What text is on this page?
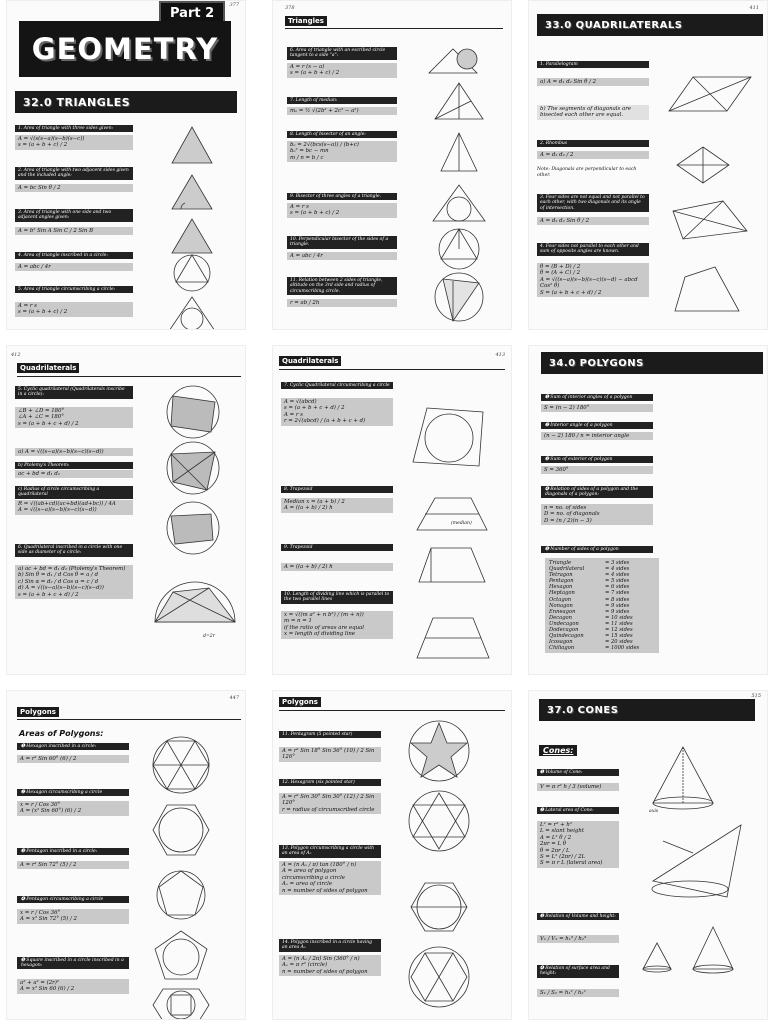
377
Part 2
GEOMETRY
32.0 TRIANGLES
1. Area of triangle with three sides given:
A = √(s(s−a)(s−b)(s−c))
s = (a + b + c) / 2
2. Area of triangle with two adjacent sides given and the included angle:
A = bc Sin θ / 2
3. Area of triangle with one side and two adjacent angles given:
A = b² Sin A Sin C / 2 Sin B
4. Area of triangle inscribed in a circle:
A = abc / 4r
5. Area of triangle circumscribing a circle:
A = r s
s = (a + b + c) / 2
378
Triangles
6. Area of triangle with an escribed circle tangent to a side "a":
A = r (s − a)
s = (a + b + c) / 2
7. Length of median:
mₐ = ½ √(2b² + 2c² − a²)
8. Length of bisector of an angle:
bₐ = 2√(bcs(s−a)) / (b+c)
bₐ² = bc − mn
m / n = b / c
9. Bisector of three angles of a triangle.
A = r s
s = (a + b + c) / 2
10. Perpendicular bisector of the sides of a triangle.
A = abc / 4r
11. Relation between 2 sides of triangle, altitude on the 3rd side and radius of circumscribing circle.
r = ab / 2h
411
33.0 QUADRILATERALS
1. Parallelogram
a) A = d₁ d₂ Sin θ / 2
b) The segments of diagonals are bisected each other are equal.
2. Rhombus
A = d₁ d₂ / 2
Note: Diagonals are perpendicular to each other.
3. Four sides are not equal and not parallel to each other, with two diagonals and its angle of intersection.
A = d₁ d₂ Sin θ / 2
4. Four sides not parallel to each other and sum of opposite angles are known.
θ = (B + D) / 2
θ = (A + C) / 2
A = √((s−a)(s−b)(s−c)(s−d) − abcd Cos² θ)
S = (a + b + c + d) / 2
412
Quadrilaterals
5. Cyclic quadrilateral (Quadrilaterals inscribe in a circle):
∠B + ∠D = 180°
∠A + ∠C = 180°
s = (a + b + c + d) / 2
a) A = √((s−a)(s−b)(s−c)(s−d))
b) Ptolemy's Theorem:
ac + bd = d₁ d₂
c) Radius of circle circumscribing a quadrilateral
R = √((ab+cd)(ac+bd)(ad+bc)) / 4A
A = √((s−a)(s−b)(s−c)(s−d))
6. Quadrilateral inscribed in a circle with one side as diameter of a circle:
a) ac + bd = d₁ d₂ (Ptolemy's Theorem)
b) Sin θ = d₁ / d Cos θ = a / d
c) Sin α = d₂ / d Cos α = c / d
d) A = √((s−a)(s−b)(s−c)(s−d))
s = (a + b + c + d) / 2
d=2r
413
Quadrilaterals
7. Cyclic Quadrilateral circumscribing a circle
A = √(abcd)
s = (a + b + c + d) / 2
A = r s
r = 2√(abcd) / (a + b + c + d)
8. Trapezoid
Median x = (a + b) / 2
A = ((a + b) / 2) h
9. Trapezoid
A = ((a + b) / 2) h
10. Length of dividing line which is parallel to the two parallel lines
x = √((m a² + n b²) / (m + n))
m = n = 1
if the ratio of areas are equal
x = length of dividing line
(median)
34.0 POLYGONS
➊ Sum of interior angles of a polygon
S = (n − 2) 180°
➋ Interior angle of a polygon
(n − 2) 180 / n = interior angle
➌ Sum of exterior of polygon
S = 360°
➍ Relation of sides of a polygon and the diagonals of a polygon:
n = no. of sides
D = no. of diagonals
D = (n / 2)(n − 3)
➎ Number of sides of a polygon
Triangle	= 3 sides
Quadrilateral	= 4 sides
Tetragon	= 4 sides
Pentagon	= 5 sides
Hexagon	= 6 sides
Heptagon	= 7 sides
Octagon	= 8 sides
Nonagon	= 9 sides
Enneagon	= 9 sides
Decagon	= 10 sides
Undecagon	= 11 sides
Dodecagon	= 12 sides
Quindecagon	= 15 sides
Icosagon	= 20 sides
Chiliagon	= 1000 sides
447
Polygons
Areas of Polygons:
➊ Hexagon inscribed in a circle:
A = r² Sin 60° (6) / 2
➋ Hexagon circumscribing a circle
x = r / Cos 30°
A = (x² Sin 60°) (6) / 2
➌ Pentagon inscribed in a circle:
A = r² Sin 72° (5) / 2
➍ Pentagon circumscribing a circle
x = r / Cos 36°
A = x² Sin 72° (5) / 2
➎ Square inscribed in a circle inscribed in a hexagon:
a² + a² = (2r)²
A = x² Sin 60 (6) / 2
Polygons
11. Pentagram (5 pointed star)
A = r² Sin 18° Sin 36° (10) / 2 Sin 126°
12. Hexagram (six pointed star)
A = r² Sin 30° Sin 30° (12) / 2 Sin 120°
r = radius of circumscribed circle
13. Polygon circumscribing a circle with an area of Aₒ
A = (n Aₒ / π) tan (180° / n)
A = area of polygon circumscribing a circle
Aₒ = area of circle
n = number of sides of polygon
14. Polygon inscribed in a circle having an area Aₒ
A = (n Aₒ / 2π) Sin (360° / n)
Aₒ = π r² (circle)
n = number of sides of polygon
515
37.0 CONES
Cones:
➊ Volume of Cone:
V = π r² h / 3 (volume)
➋ Lateral area of Cone:
L² = r² + h²
L = slant height
A = L² θ / 2
2πr = L θ
θ = 2πr / L
S = L² (2πr) / 2L
S = π r L (lateral area)
➌ Relation of Volume and height:
V₁ / V₂ = h₁³ / h₂³
➍ Relation of surface area and height:
S₁ / S₂ = h₁² / h₂²
axis
